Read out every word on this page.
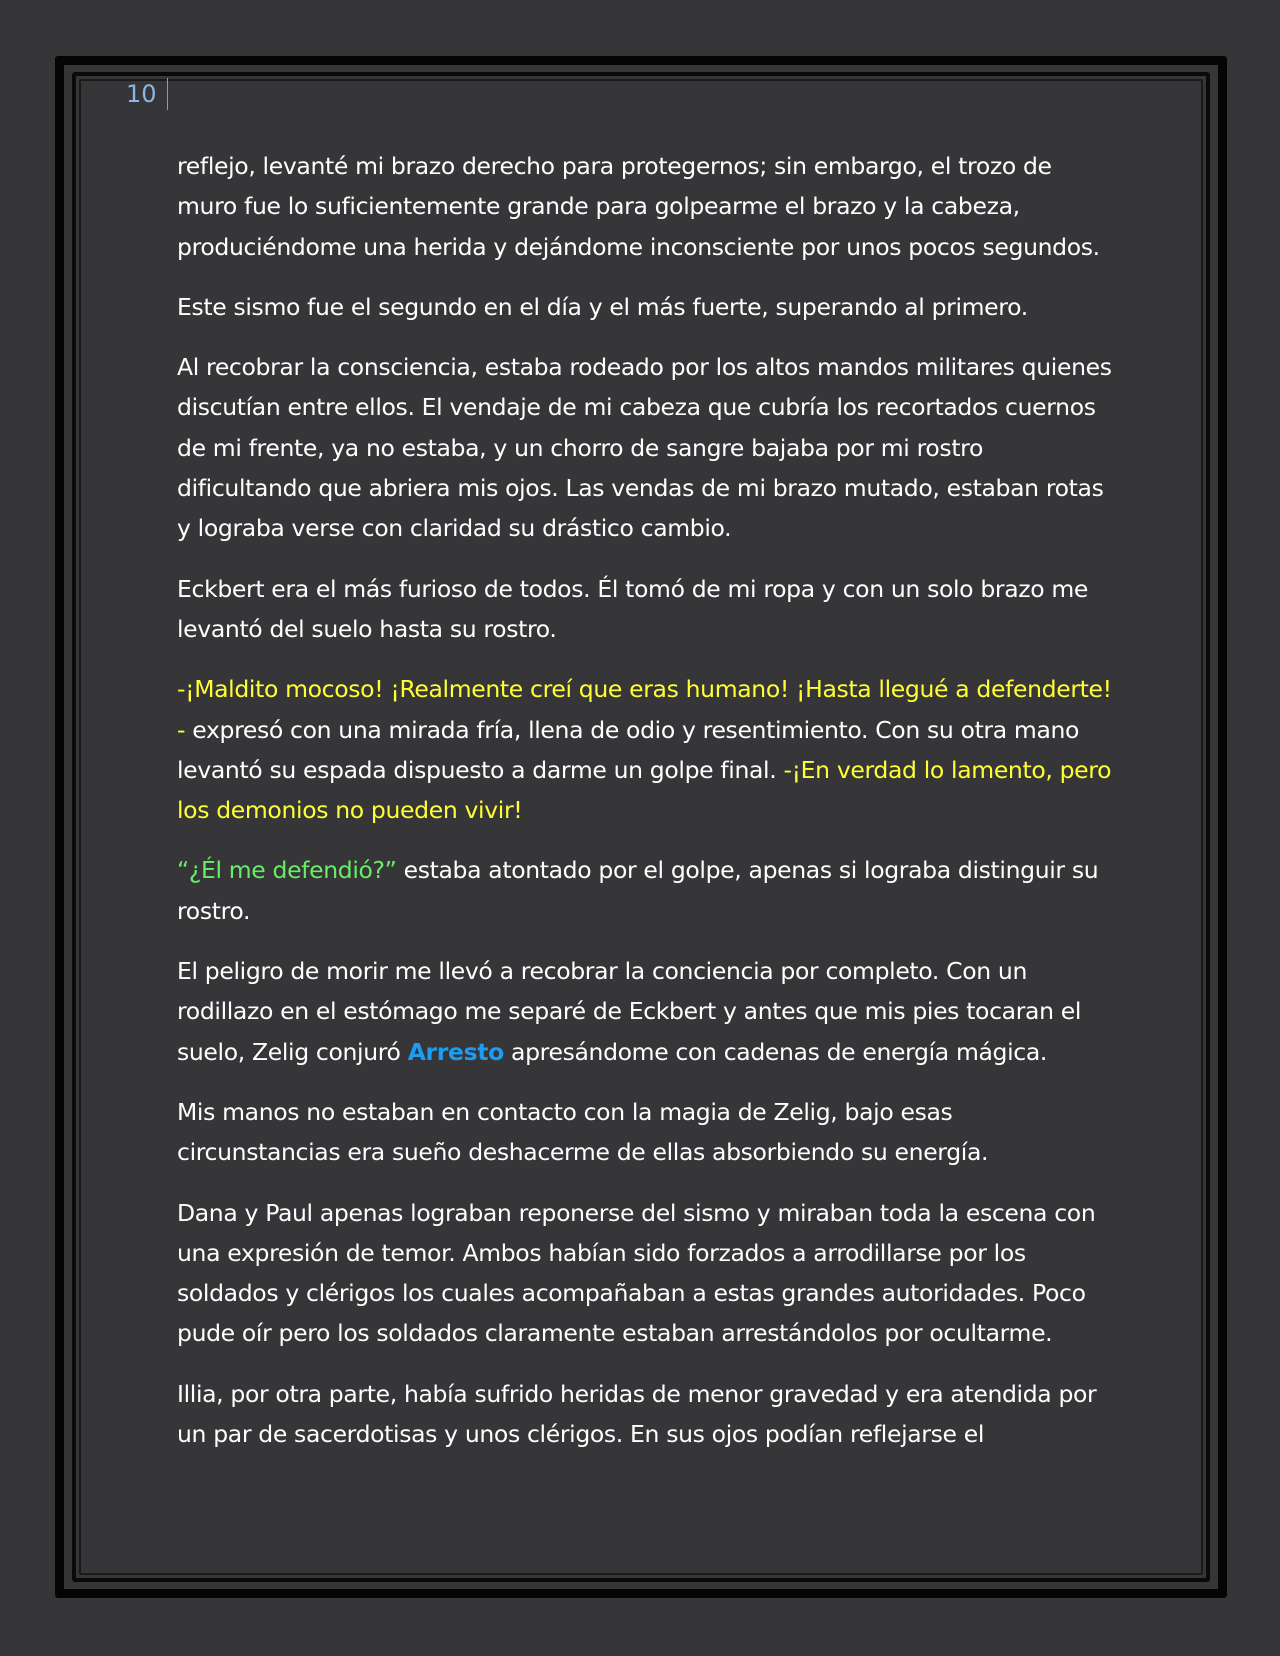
10

reflejo, levanté mi brazo derecho para protegernos; sin embargo, el trozo de muro fue lo suficientemente grande para golpearme el brazo y la cabeza, produciéndome una herida y dejándome inconsciente por unos pocos segundos.

Este sismo fue el segundo en el día y el más fuerte, superando al primero.

Al recobrar la consciencia, estaba rodeado por los altos mandos militares quienes discutían entre ellos. El vendaje de mi cabeza que cubría los recortados cuernos de mi frente, ya no estaba, y un chorro de sangre bajaba por mi rostro dificultando que abriera mis ojos. Las vendas de mi brazo mutado, estaban rotas y lograba verse con claridad su drástico cambio.

Eckbert era el más furioso de todos. Él tomó de mi ropa y con un solo brazo me levantó del suelo hasta su rostro.

-¡Maldito mocoso! ¡Realmente creí que eras humano! ¡Hasta llegué a defenderte! - expresó con una mirada fría, llena de odio y resentimiento. Con su otra mano levantó su espada dispuesto a darme un golpe final. -¡En verdad lo lamento, pero los demonios no pueden vivir!

“¿Él me defendió?” estaba atontado por el golpe, apenas si lograba distinguir su rostro.

El peligro de morir me llevó a recobrar la conciencia por completo. Con un rodillazo en el estómago me separé de Eckbert y antes que mis pies tocaran el suelo, Zelig conjuró Arresto apresándome con cadenas de energía mágica.

Mis manos no estaban en contacto con la magia de Zelig, bajo esas circunstancias era sueño deshacerme de ellas absorbiendo su energía.

Dana y Paul apenas lograban reponerse del sismo y miraban toda la escena con una expresión de temor. Ambos habían sido forzados a arrodillarse por los soldados y clérigos los cuales acompañaban a estas grandes autoridades. Poco pude oír pero los soldados claramente estaban arrestándolos por ocultarme.

Illia, por otra parte, había sufrido heridas de menor gravedad y era atendida por un par de sacerdotisas y unos clérigos. En sus ojos podían reflejarse el
